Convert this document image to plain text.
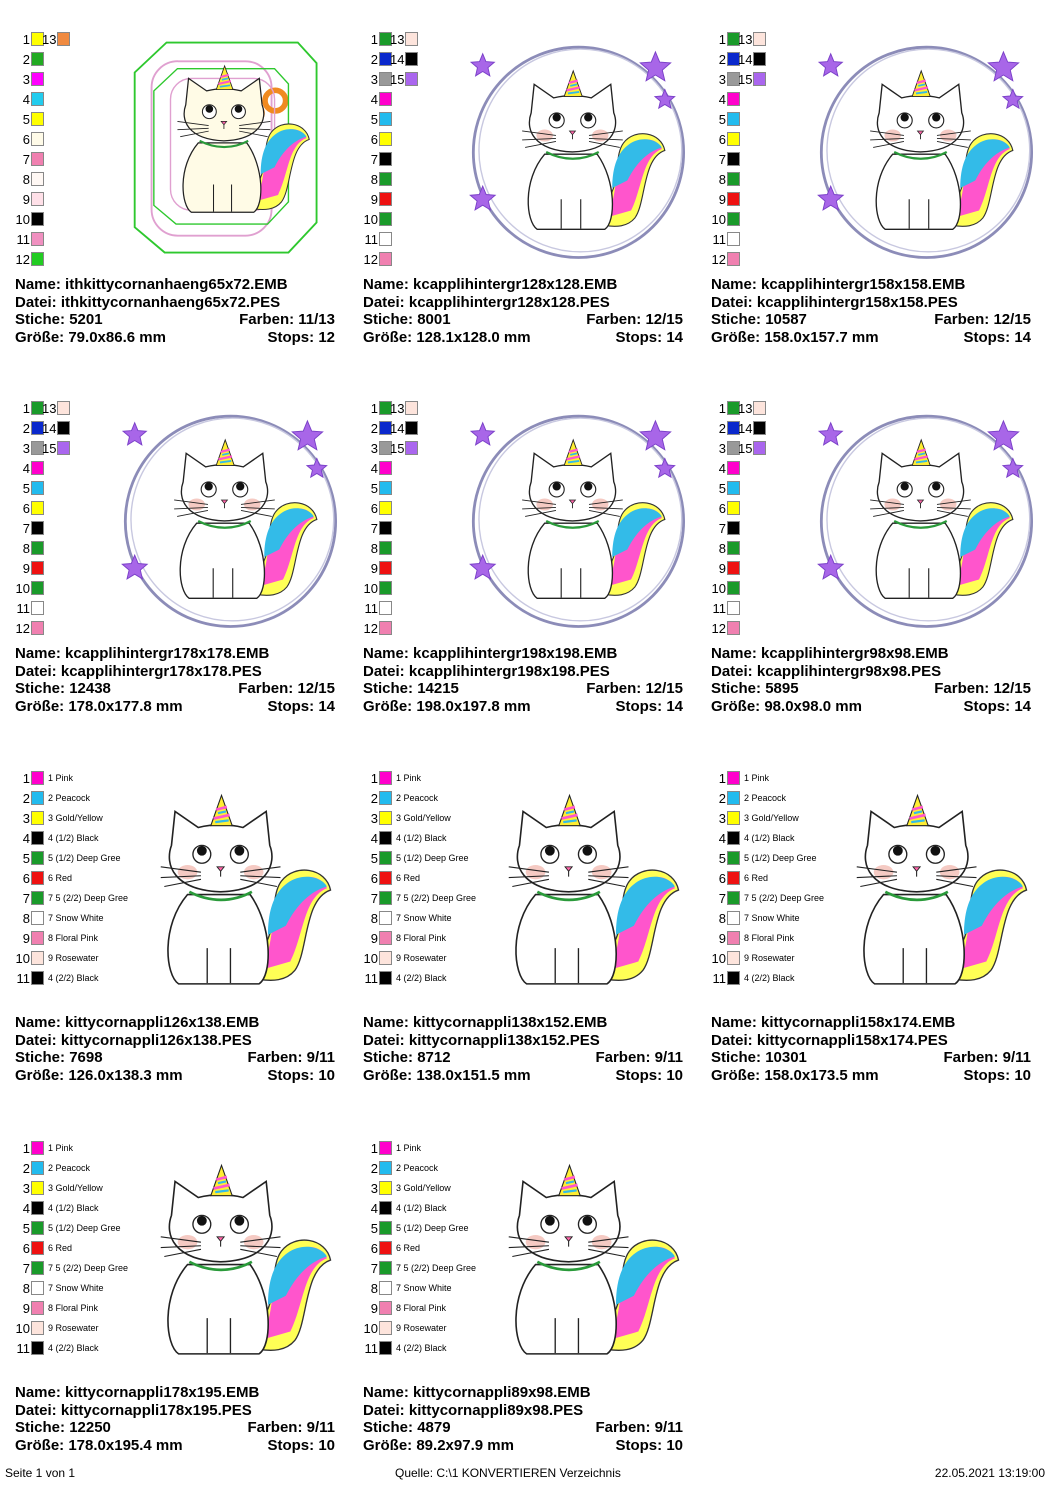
1
2
3
4
5
6
7
8
9
10
11
12
13
Name: ithkittycornanhaeng65x72.EMB
Datei: ithkittycornanhaeng65x72.PES
Stiche: 5201	Farben: 11/13
Größe: 79.0x86.6 mm	Stops: 12
1
2
3
4
5
6
7
8
9
10
11
12
13
14
15
Name: kcapplihintergr128x128.EMB
Datei: kcapplihintergr128x128.PES
Stiche: 8001	Farben: 12/15
Größe: 128.1x128.0 mm	Stops: 14
1
2
3
4
5
6
7
8
9
10
11
12
13
14
15
Name: kcapplihintergr158x158.EMB
Datei: kcapplihintergr158x158.PES
Stiche: 10587	Farben: 12/15
Größe: 158.0x157.7 mm	Stops: 14
1
2
3
4
5
6
7
8
9
10
11
12
13
14
15
Name: kcapplihintergr178x178.EMB
Datei: kcapplihintergr178x178.PES
Stiche: 12438	Farben: 12/15
Größe: 178.0x177.8 mm	Stops: 14
1
2
3
4
5
6
7
8
9
10
11
12
13
14
15
Name: kcapplihintergr198x198.EMB
Datei: kcapplihintergr198x198.PES
Stiche: 14215	Farben: 12/15
Größe: 198.0x197.8 mm	Stops: 14
1
2
3
4
5
6
7
8
9
10
11
12
13
14
15
Name: kcapplihintergr98x98.EMB
Datei: kcapplihintergr98x98.PES
Stiche: 5895	Farben: 12/15
Größe: 98.0x98.0 mm	Stops: 14
1 1 Pink
2 2 Peacock
3 3 Gold/Yellow
4 4 (1/2) Black
5 5 (1/2) Deep Gree
6 6 Red
7 7 5 (2/2) Deep Gree
8 7 Snow White
9 8 Floral Pink
10 9 Rosewater
11 4 (2/2) Black
Name: kittycornappli126x138.EMB
Datei: kittycornappli126x138.PES
Stiche: 7698	Farben: 9/11
Größe: 126.0x138.3 mm	Stops: 10
1 1 Pink
2 2 Peacock
3 3 Gold/Yellow
4 4 (1/2) Black
5 5 (1/2) Deep Gree
6 6 Red
7 7 5 (2/2) Deep Gree
8 7 Snow White
9 8 Floral Pink
10 9 Rosewater
11 4 (2/2) Black
Name: kittycornappli138x152.EMB
Datei: kittycornappli138x152.PES
Stiche: 8712	Farben: 9/11
Größe: 138.0x151.5 mm	Stops: 10
1 1 Pink
2 2 Peacock
3 3 Gold/Yellow
4 4 (1/2) Black
5 5 (1/2) Deep Gree
6 6 Red
7 7 5 (2/2) Deep Gree
8 7 Snow White
9 8 Floral Pink
10 9 Rosewater
11 4 (2/2) Black
Name: kittycornappli158x174.EMB
Datei: kittycornappli158x174.PES
Stiche: 10301	Farben: 9/11
Größe: 158.0x173.5 mm	Stops: 10
1 1 Pink
2 2 Peacock
3 3 Gold/Yellow
4 4 (1/2) Black
5 5 (1/2) Deep Gree
6 6 Red
7 7 5 (2/2) Deep Gree
8 7 Snow White
9 8 Floral Pink
10 9 Rosewater
11 4 (2/2) Black
Name: kittycornappli178x195.EMB
Datei: kittycornappli178x195.PES
Stiche: 12250	Farben: 9/11
Größe: 178.0x195.4 mm	Stops: 10
1 1 Pink
2 2 Peacock
3 3 Gold/Yellow
4 4 (1/2) Black
5 5 (1/2) Deep Gree
6 6 Red
7 7 5 (2/2) Deep Gree
8 7 Snow White
9 8 Floral Pink
10 9 Rosewater
11 4 (2/2) Black
Name: kittycornappli89x98.EMB
Datei: kittycornappli89x98.PES
Stiche: 4879	Farben: 9/11
Größe: 89.2x97.9 mm	Stops: 10
Seite 1 von 1	Quelle: C:\1 KONVERTIEREN Verzeichnis	22.05.2021 13:19:00
